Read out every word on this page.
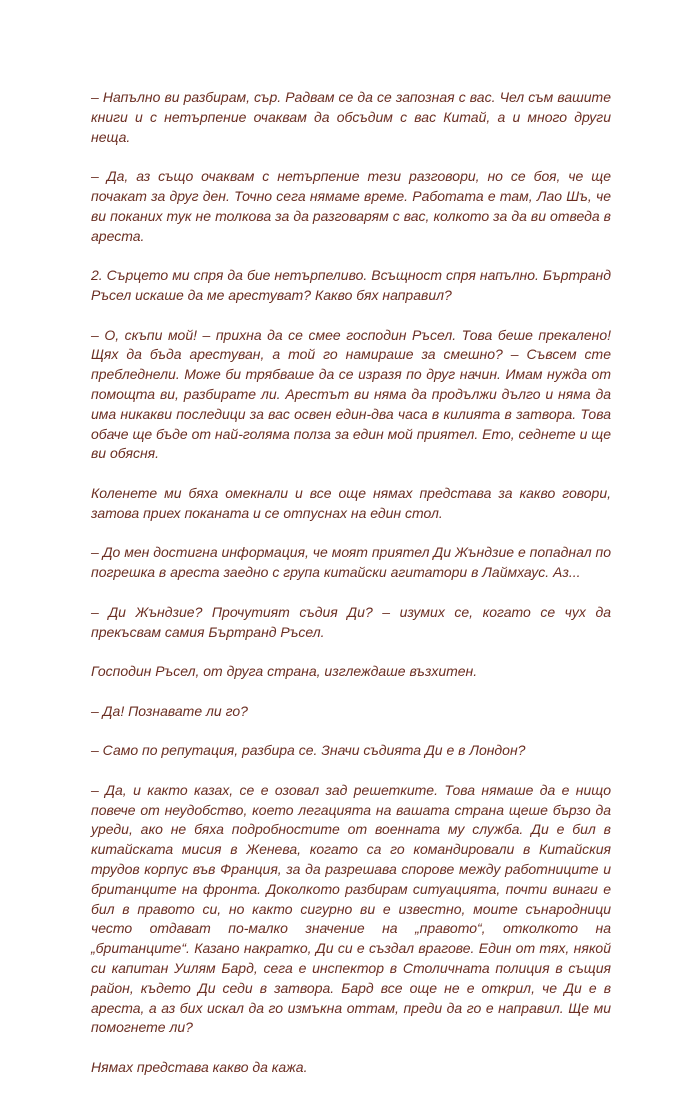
– Напълно ви разбирам, сър. Радвам се да се запозная с вас. Чел съм вашите книги и с нетърпение очаквам да обсъдим с вас Китай, а и много други неща.

– Да, аз също очаквам с нетърпение тези разговори, но се боя, че ще почакат за друг ден. Точно сега нямаме време. Работата е там, Лао Шъ, че ви поканих тук не толкова за да разговарям с вас, колкото за да ви отведа в ареста.

2. Сърцето ми спря да бие нетърпеливо. Всъщност спря напълно. Бъртранд Ръсел искаше да ме арестуват? Какво бях направил?

– О, скъпи мой! – прихна да се смее господин Ръсел. Това беше прекалено! Щях да бъда арестуван, а той го намираше за смешно? – Съвсем сте пребледнели. Може би трябваше да се изразя по друг начин. Имам нужда от помощта ви, разбирате ли. Арестът ви няма да продължи дълго и няма да има никакви последици за вас освен един-два часа в килията в затвора. Това обаче ще бъде от най-голяма полза за един мой приятел. Ето, седнете и ще ви обясня.

Коленете ми бяха омекнали и все още нямах представа за какво говори, затова приех поканата и се отпуснах на един стол.

– До мен достигна информация, че моят приятел Ди Жъндзие е попаднал по погрешка в ареста заедно с група китайски агитатори в Лаймхаус. Аз...

– Ди Жъндзие? Прочутият съдия Ди? – изумих се, когато се чух да прекъсвам самия Бъртранд Ръсел.

Господин Ръсел, от друга страна, изглеждаше възхитен.

– Да! Познавате ли го?

– Само по репутация, разбира се. Значи съдията Ди е в Лондон?

– Да, и както казах, се е озовал зад решетките. Това нямаше да е нищо повече от неудобство, което легацията на вашата страна щеше бързо да уреди, ако не бяха подробностите от военната му служба. Ди е бил в китайската мисия в Женева, когато са го командировали в Китайския трудов корпус във Франция, за да разрешава спорове между работниците и британците на фронта. Доколкото разбирам ситуацията, почти винаги е бил в правото си, но както сигурно ви е известно, моите сънародници често отдават по-малко значение на „правото“, отколкото на „британците“. Казано накратко, Ди си е създал врагове. Един от тях, някой си капитан Уилям Бард, сега е инспектор в Столичната полиция в същия район, където Ди седи в затвора. Бард все още не е открил, че Ди е в ареста, а аз бих искал да го измъкна оттам, преди да го е направил. Ще ми помогнете ли?

Нямах представа какво да кажа.
